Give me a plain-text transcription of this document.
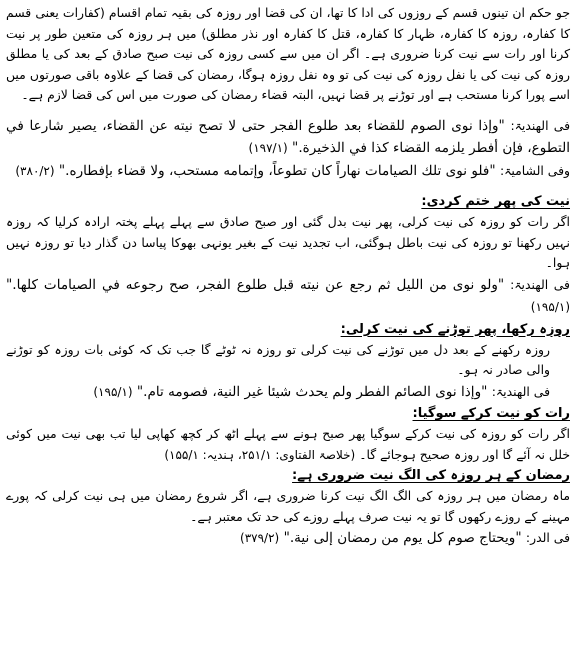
جو حکم ان تینوں قسم کے روزوں کی ادا کا تھا، ان کی قضا اور روزہ کی بقیہ تمام اقسام (کفارات یعنی قسم کا کفارہ، روزہ کا کفارہ، ظہار کا کفارہ، قتل کا کفارہ اور نذر مطلق) میں ہر روزہ کی متعین طور پر نیت کرنا اور رات سے نیت کرنا ضروری ہے۔ اگر ان میں سے کسی روزہ کی نیت صبح صادق کے بعد کی یا مطلق روزہ کی نیت کی یا نفل روزہ کی نیت کی تو وہ نفل روزہ ہوگا، رمضان کی قضا کے علاوہ باقی صورتوں میں اسے پورا کرنا مستحب ہے اور توڑنے پر قضا نہیں، البتہ قضاء رمضان کی صورت میں اس کی قضا لازم ہے۔

فی الھندیۃ: "وإذا نوى الصوم للقضاء بعد طلوع الفجر حتى لا تصح نيته عن القضاء، يصير شارعا في التطوع، فإن أفطر يلزمه القضاء كذا في الذخيرة." (۱۹۷/۱)

وفی الشامیۃ: "فلو نوى تلك الصيامات نهاراً كان تطوعاً، وإتمامه مستحب، ولا قضاء بإفطاره." (۳۸۰/۲)

نیت کی پھر ختم کردی:

اگر رات کو روزہ کی نیت کرلی، پھر نیت بدل گئی اور صبح صادق سے پہلے پہلے پختہ ارادہ کرلیا کہ روزہ نہیں رکھنا تو روزہ کی نیت باطل ہوگئی، اب تجدید نیت کے بغیر یونہی بھوکا پیاسا دن گذار دیا تو روزہ نہیں ہوا۔

فی الھندیۃ: "ولو نوى من الليل ثم رجع عن نيته قبل طلوع الفجر، صح رجوعه في الصيامات كلها." (۱۹۵/۱)

روزہ رکھا، پھر توڑنے کی نیت کرلی:

روزہ رکھنے کے بعد دل میں توڑنے کی نیت کرلی تو روزہ نہ ٹوٹے گا جب تک کہ کوئی بات روزہ کو توڑنے والی صادر نہ ہو۔

فی الھندیۃ: "وإذا نوى الصائم الفطر ولم يحدث شيئا غير النية، فصومه تام." (۱۹۵/۱)

رات کو نیت کرکے سوگیا:

اگر رات کو روزہ کی نیت کرکے سوگیا پھر صبح ہونے سے پہلے اٹھ کر کچھ کھاپی لیا تب بھی نیت میں کوئی خلل نہ آئے گا اور روزہ صحیح ہوجائے گا۔ (خلاصۃ الفتاوی: ۲۵۱/۱، ہندیہ: ۱۵۵/۱)

رمضان کے ہر روزہ کی الگ نیت ضروری ہے:

ماہ رمضان میں ہر روزہ کی الگ الگ نیت کرنا ضروری ہے، اگر شروع رمضان میں ہی نیت کرلی کہ پورے مہینے کے روزے رکھوں گا تو یہ نیت صرف پہلے روزے کی حد تک معتبر ہے۔

فی الدر: "ويحتاج صوم كل يوم من رمضان إلى نية." (۳۷۹/۲)
